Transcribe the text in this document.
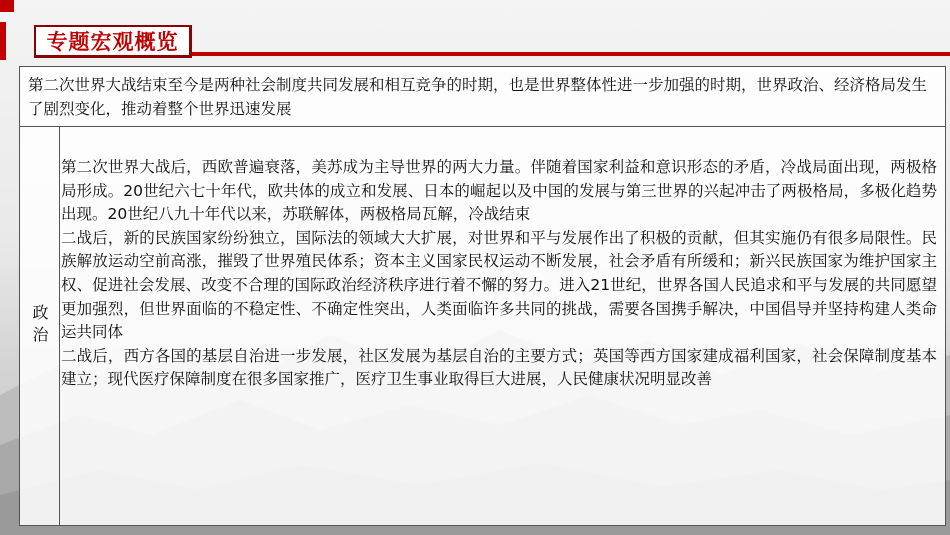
专题宏观概览
第二次世界大战结束至今是两种社会制度共同发展和相互竞争的时期，也是世界整体性进一步加强的时期，世界政治、经济格局发生了剧烈变化，推动着整个世界迅速发展
政治

第二次世界大战后，西欧普遍衰落，美苏成为主导世界的两大力量。伴随着国家利益和意识形态的矛盾，冷战局面出现，两极格局形成。20世纪六七十年代，欧共体的成立和发展、日本的崛起以及中国的发展与第三世界的兴起冲击了两极格局，多极化趋势出现。20世纪八九十年代以来，苏联解体，两极格局瓦解，冷战结束

二战后，新的民族国家纷纷独立，国际法的领域大大扩展，对世界和平与发展作出了积极的贡献，但其实施仍有很多局限性。民族解放运动空前高涨，摧毁了世界殖民体系；资本主义国家民权运动不断发展，社会矛盾有所缓和；新兴民族国家为维护国家主权、促进社会发展、改变不合理的国际政治经济秩序进行着不懈的努力。进入21世纪，世界各国人民追求和平与发展的共同愿望更加强烈，但世界面临的不稳定性、不确定性突出，人类面临许多共同的挑战，需要各国携手解决，中国倡导并坚持构建人类命运共同体

二战后，西方各国的基层自治进一步发展，社区发展为基层自治的主要方式；英国等西方国家建成福利国家，社会保障制度基本建立；现代医疗保障制度在很多国家推广，医疗卫生事业取得巨大进展，人民健康状况明显改善
